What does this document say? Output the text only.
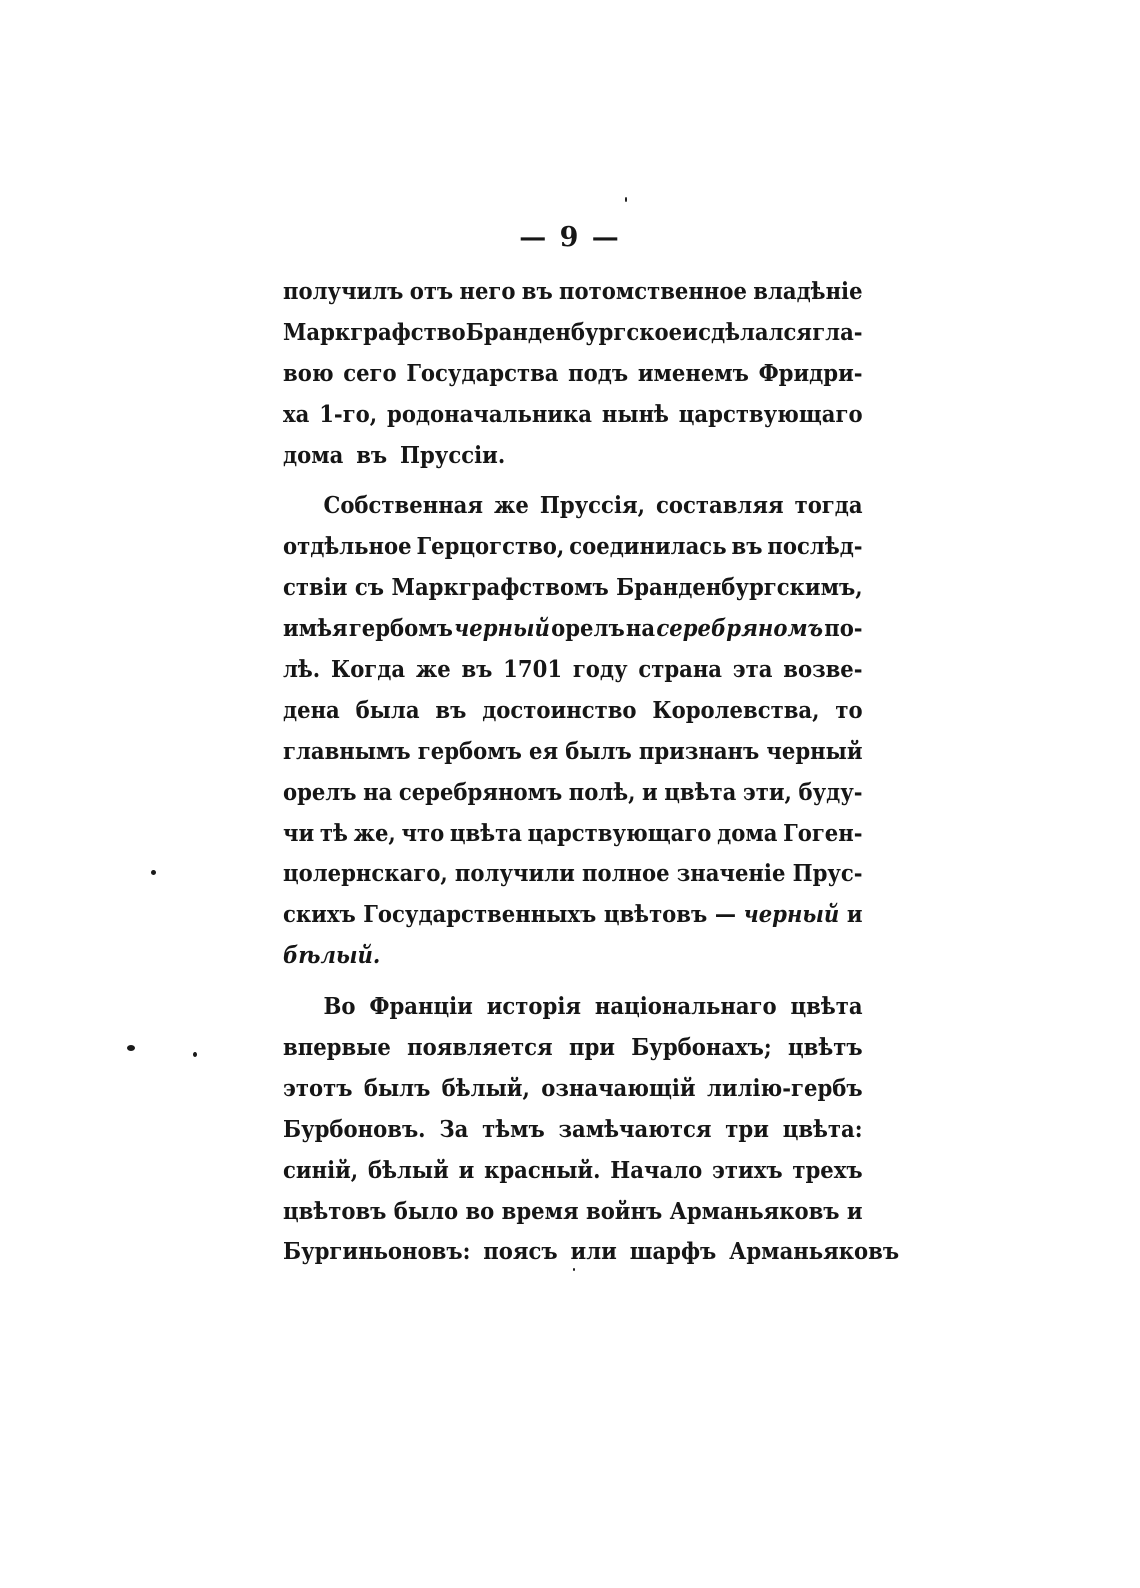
— 9 —
получилъ отъ него въ потомственное владѣніе
Маркграфство Бранденбургское и сдѣлался гла-
вою сего Государства подъ именемъ Фридри-
ха 1-го, родоначальника нынѣ царствующаго
дома въ Пруссіи.
Собственная же Пруссія, составляя тогда
отдѣльное Герцогство, соединилась въ послѣд-
ствіи съ Маркграфствомъ Бранденбургскимъ,
имѣя гербомъ черный орелъ на серебряномъ по-
лѣ. Когда же въ 1701 году страна эта возве-
дена была въ достоинство Королевства, то
главнымъ гербомъ ея былъ признанъ черный
орелъ на серебряномъ полѣ, и цвѣта эти, буду-
чи тѣ же, что цвѣта царствующаго дома Гоген-
цолернскаго, получили полное значеніе Прус-
скихъ Государственныхъ цвѣтовъ — черный и
бѣлый.
Во Франціи исторія національнаго цвѣта
впервые появляется при Бурбонахъ; цвѣтъ
этотъ былъ бѣлый, означающій лилію-гербъ
Бурбоновъ. За тѣмъ замѣчаются три цвѣта:
синій, бѣлый и красный. Начало этихъ трехъ
цвѣтовъ было во время войнъ Арманьяковъ и
Бургиньоновъ: поясъ или шарфъ Арманьяковъ
